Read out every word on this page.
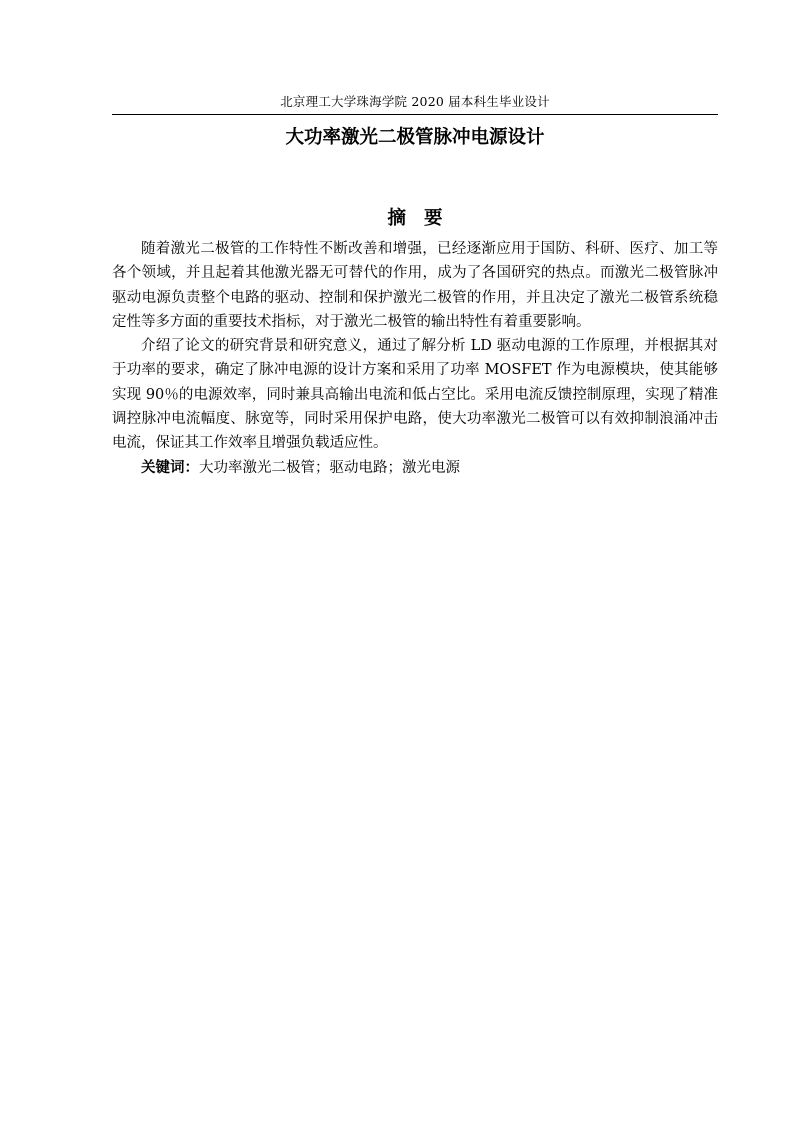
北京理工大学珠海学院 2020 届本科生毕业设计
大功率激光二极管脉冲电源设计
摘 要

随着激光二极管的工作特性不断改善和增强，已经逐渐应用于国防、科研、医疗、加工等各个领域，并且起着其他激光器无可替代的作用，成为了各国研究的热点。而激光二极管脉冲驱动电源负责整个电路的驱动、控制和保护激光二极管的作用，并且决定了激光二极管系统稳定性等多方面的重要技术指标，对于激光二极管的输出特性有着重要影响。

介绍了论文的研究背景和研究意义，通过了解分析 LD 驱动电源的工作原理，并根据其对于功率的要求，确定了脉冲电源的设计方案和采用了功率 MOSFET 作为电源模块，使其能够实现 90％的电源效率，同时兼具高输出电流和低占空比。采用电流反馈控制原理，实现了精准调控脉冲电流幅度、脉宽等，同时采用保护电路，使大功率激光二极管可以有效抑制浪涌冲击电流，保证其工作效率且增强负载适应性。

关键词：大功率激光二极管；驱动电路；激光电源
